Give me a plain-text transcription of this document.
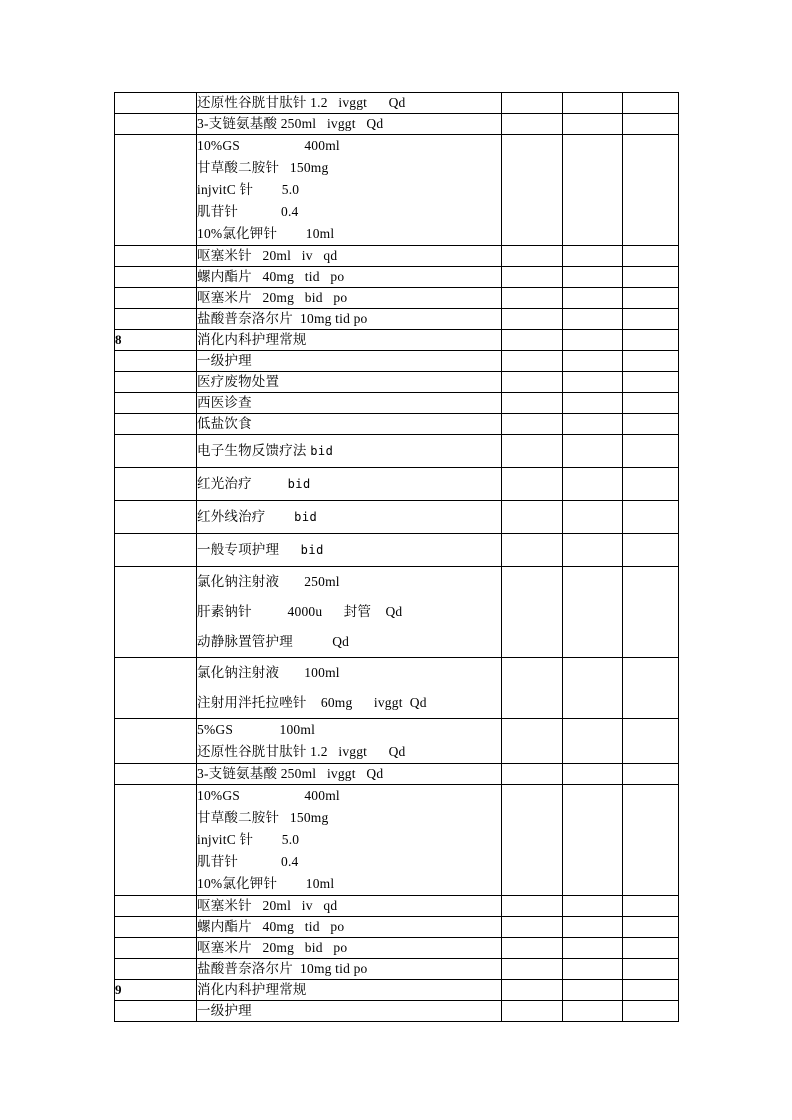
	还原性谷胱甘肽针 1.2   ivggt      Qd			
	3-支链氨基酸 250ml   ivggt   Qd			

	10%GS                  400ml
甘草酸二胺针   150mg
injvitC 针        5.0
肌苷针            0.4
10%氯化钾针        10ml			

	呕塞米针   20ml   iv   qd			
	螺内酯片   40mg   tid   po			
	呕塞米片   20mg   bid   po			
	盐酸普奈洛尔片  10mg tid po			
8	消化内科护理常规			
	一级护理			
	医疗废物处置			
	西医诊查			
	低盐饮食			
	电子生物反馈疗法 bid			
	红光治疗 bid			
	红外线治疗 bid			
	一般专项护理 bid			

	氯化钠注射液       250ml
肝素钠针          4000u      封管    Qd
动静脉置管护理           Qd			

	氯化钠注射液       100ml
注射用泮托拉唑针    60mg      ivggt  Qd			

	5%GS             100ml
还原性谷胱甘肽针 1.2   ivggt      Qd			

	3-支链氨基酸 250ml   ivggt   Qd			

	10%GS                  400ml
甘草酸二胺针   150mg
injvitC 针        5.0
肌苷针            0.4
10%氯化钾针        10ml			

	呕塞米针   20ml   iv   qd			
	螺内酯片   40mg   tid   po			
	呕塞米片   20mg   bid   po			
	盐酸普奈洛尔片  10mg tid po			
9	消化内科护理常规			
	一级护理			
